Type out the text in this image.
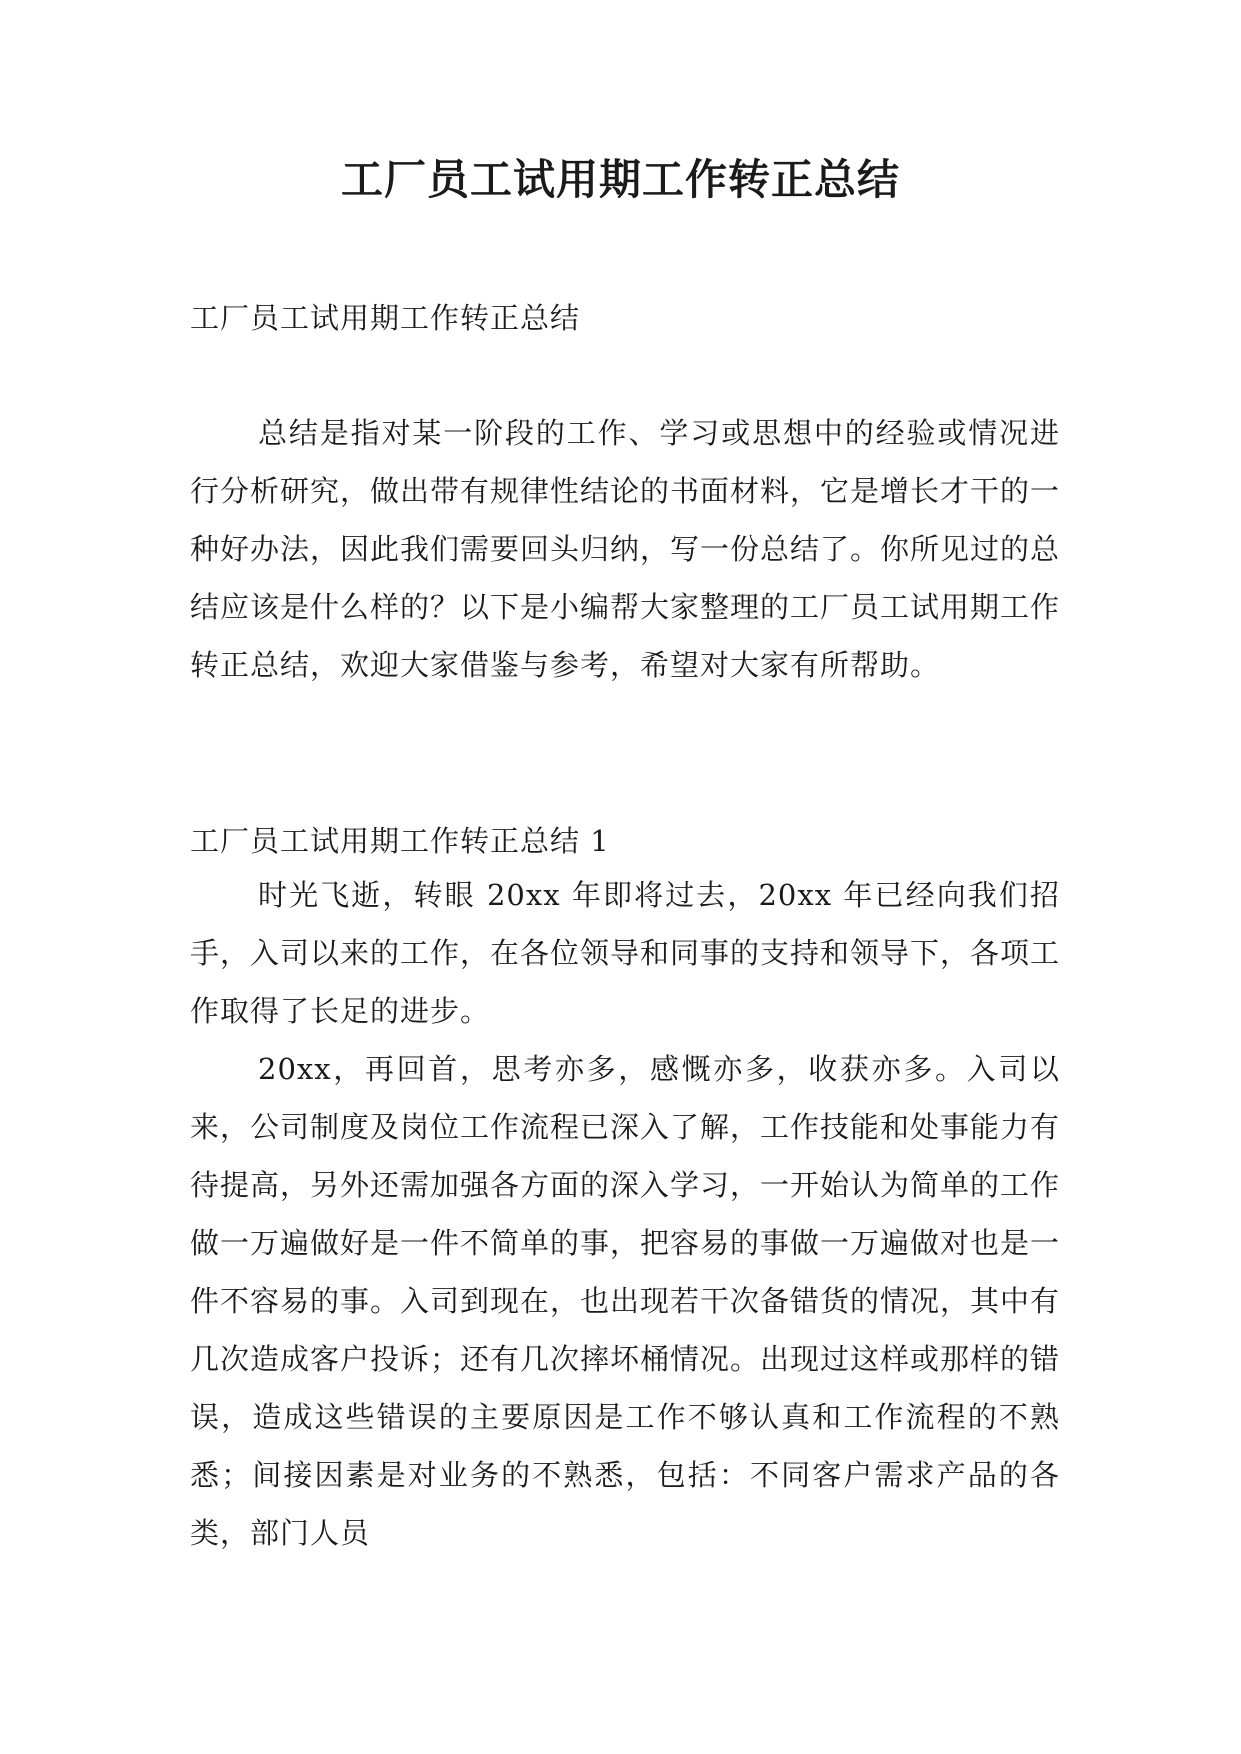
工厂员工试用期工作转正总结

工厂员工试用期工作转正总结

总结是指对某一阶段的工作、学习或思想中的经验或情况进行分析研究，做出带有规律性结论的书面材料，它是增长才干的一种好办法，因此我们需要回头归纳，写一份总结了。你所见过的总结应该是什么样的？以下是小编帮大家整理的工厂员工试用期工作转正总结，欢迎大家借鉴与参考，希望对大家有所帮助。

工厂员工试用期工作转正总结 1

时光飞逝，转眼 20xx 年即将过去，20xx 年已经向我们招手，入司以来的工作，在各位领导和同事的支持和领导下，各项工作取得了长足的进步。

20xx，再回首，思考亦多，感慨亦多，收获亦多。入司以来，公司制度及岗位工作流程已深入了解，工作技能和处事能力有待提高，另外还需加强各方面的深入学习，一开始认为简单的工作做一万遍做好是一件不简单的事，把容易的事做一万遍做对也是一件不容易的事。入司到现在，也出现若干次备错货的情况，其中有几次造成客户投诉；还有几次摔坏桶情况。出现过这样或那样的错误，造成这些错误的主要原因是工作不够认真和工作流程的不熟悉；间接因素是对业务的不熟悉，包括：不同客户需求产品的各类，部门人员
